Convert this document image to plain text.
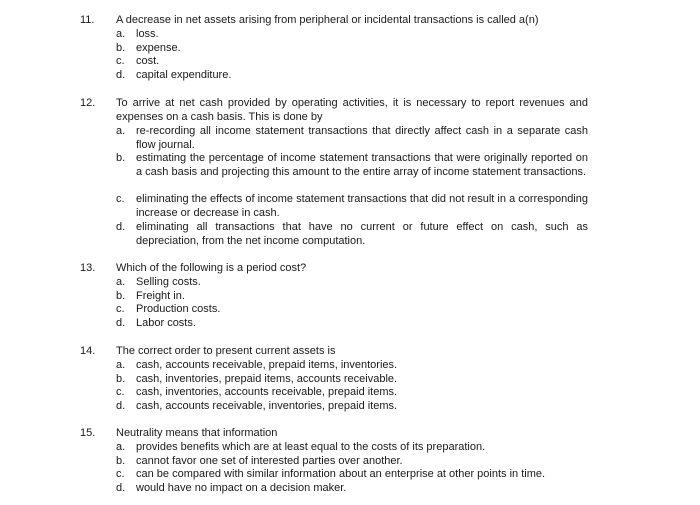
11. A decrease in net assets arising from peripheral or incidental transactions is called a(n)
a. loss.
b. expense.
c.	cost.
d. capital expenditure.
12. To arrive at net cash provided by operating activities, it is necessary to report revenues and expenses on a cash basis. This is done by
a. re-recording all income statement transactions that directly affect cash in a separate cash flow journal.
b. estimating the percentage of income statement transactions that were originally reported on a cash basis and projecting this amount to the entire array of income statement transactions.
c.	eliminating the effects of income statement transactions that did not result in a corresponding increase or decrease in cash.
d. eliminating all transactions that have no current or future effect on cash, such as depreciation, from the net income computation.
13. Which of the following is a period cost?
a. Selling costs.
b. Freight in.
c.	Production costs.
d. Labor costs.
14. The correct order to present current assets is
a. cash, accounts receivable, prepaid items, inventories.
b. cash, inventories, prepaid items, accounts receivable.
c.	cash, inventories, accounts receivable, prepaid items.
d. cash, accounts receivable, inventories, prepaid items.
15. Neutrality means that information
a. provides benefits which are at least equal to the costs of its preparation.
b. cannot favor one set of interested parties over another.
c.	can be compared with similar information about an enterprise at other points in time.
d. would have no impact on a decision maker.
